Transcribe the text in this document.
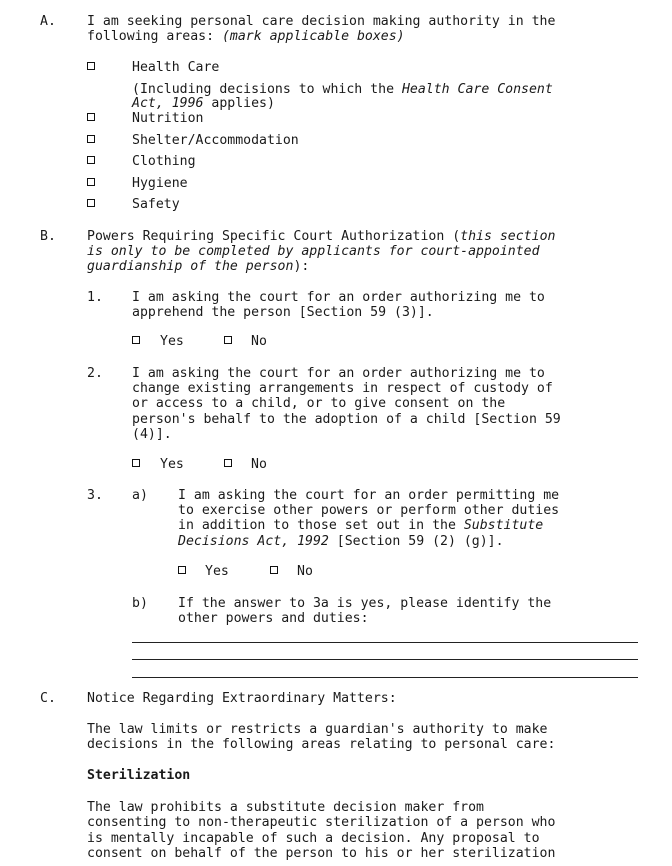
A. I am seeking personal care decision making authority in the
following areas: (mark applicable boxes)
Health Care
(Including decisions to which the Health Care Consent
Act, 1996 applies)
Nutrition
Shelter/Accommodation
Clothing
Hygiene
Safety
B. Powers Requiring Specific Court Authorization (this section
is only to be completed by applicants for court-appointed
guardianship of the person):
1. I am asking the court for an order authorizing me to
apprehend the person [Section 59 (3)].
Yes	No
2. I am asking the court for an order authorizing me to
change existing arrangements in respect of custody of
or access to a child, or to give consent on the
person's behalf to the adoption of a child [Section 59
(4)].
Yes	No
3. a) I am asking the court for an order permitting me
to exercise other powers or perform other duties
in addition to those set out in the Substitute
Decisions Act, 1992 [Section 59 (2) (g)].
Yes	No
b) If the answer to 3a is yes, please identify the
other powers and duties:
C. Notice Regarding Extraordinary Matters:
The law limits or restricts a guardian's authority to make
decisions in the following areas relating to personal care:
Sterilization
The law prohibits a substitute decision maker from
consenting to non-therapeutic sterilization of a person who
is mentally incapable of such a decision. Any proposal to
consent on behalf of the person to his or her sterilization
